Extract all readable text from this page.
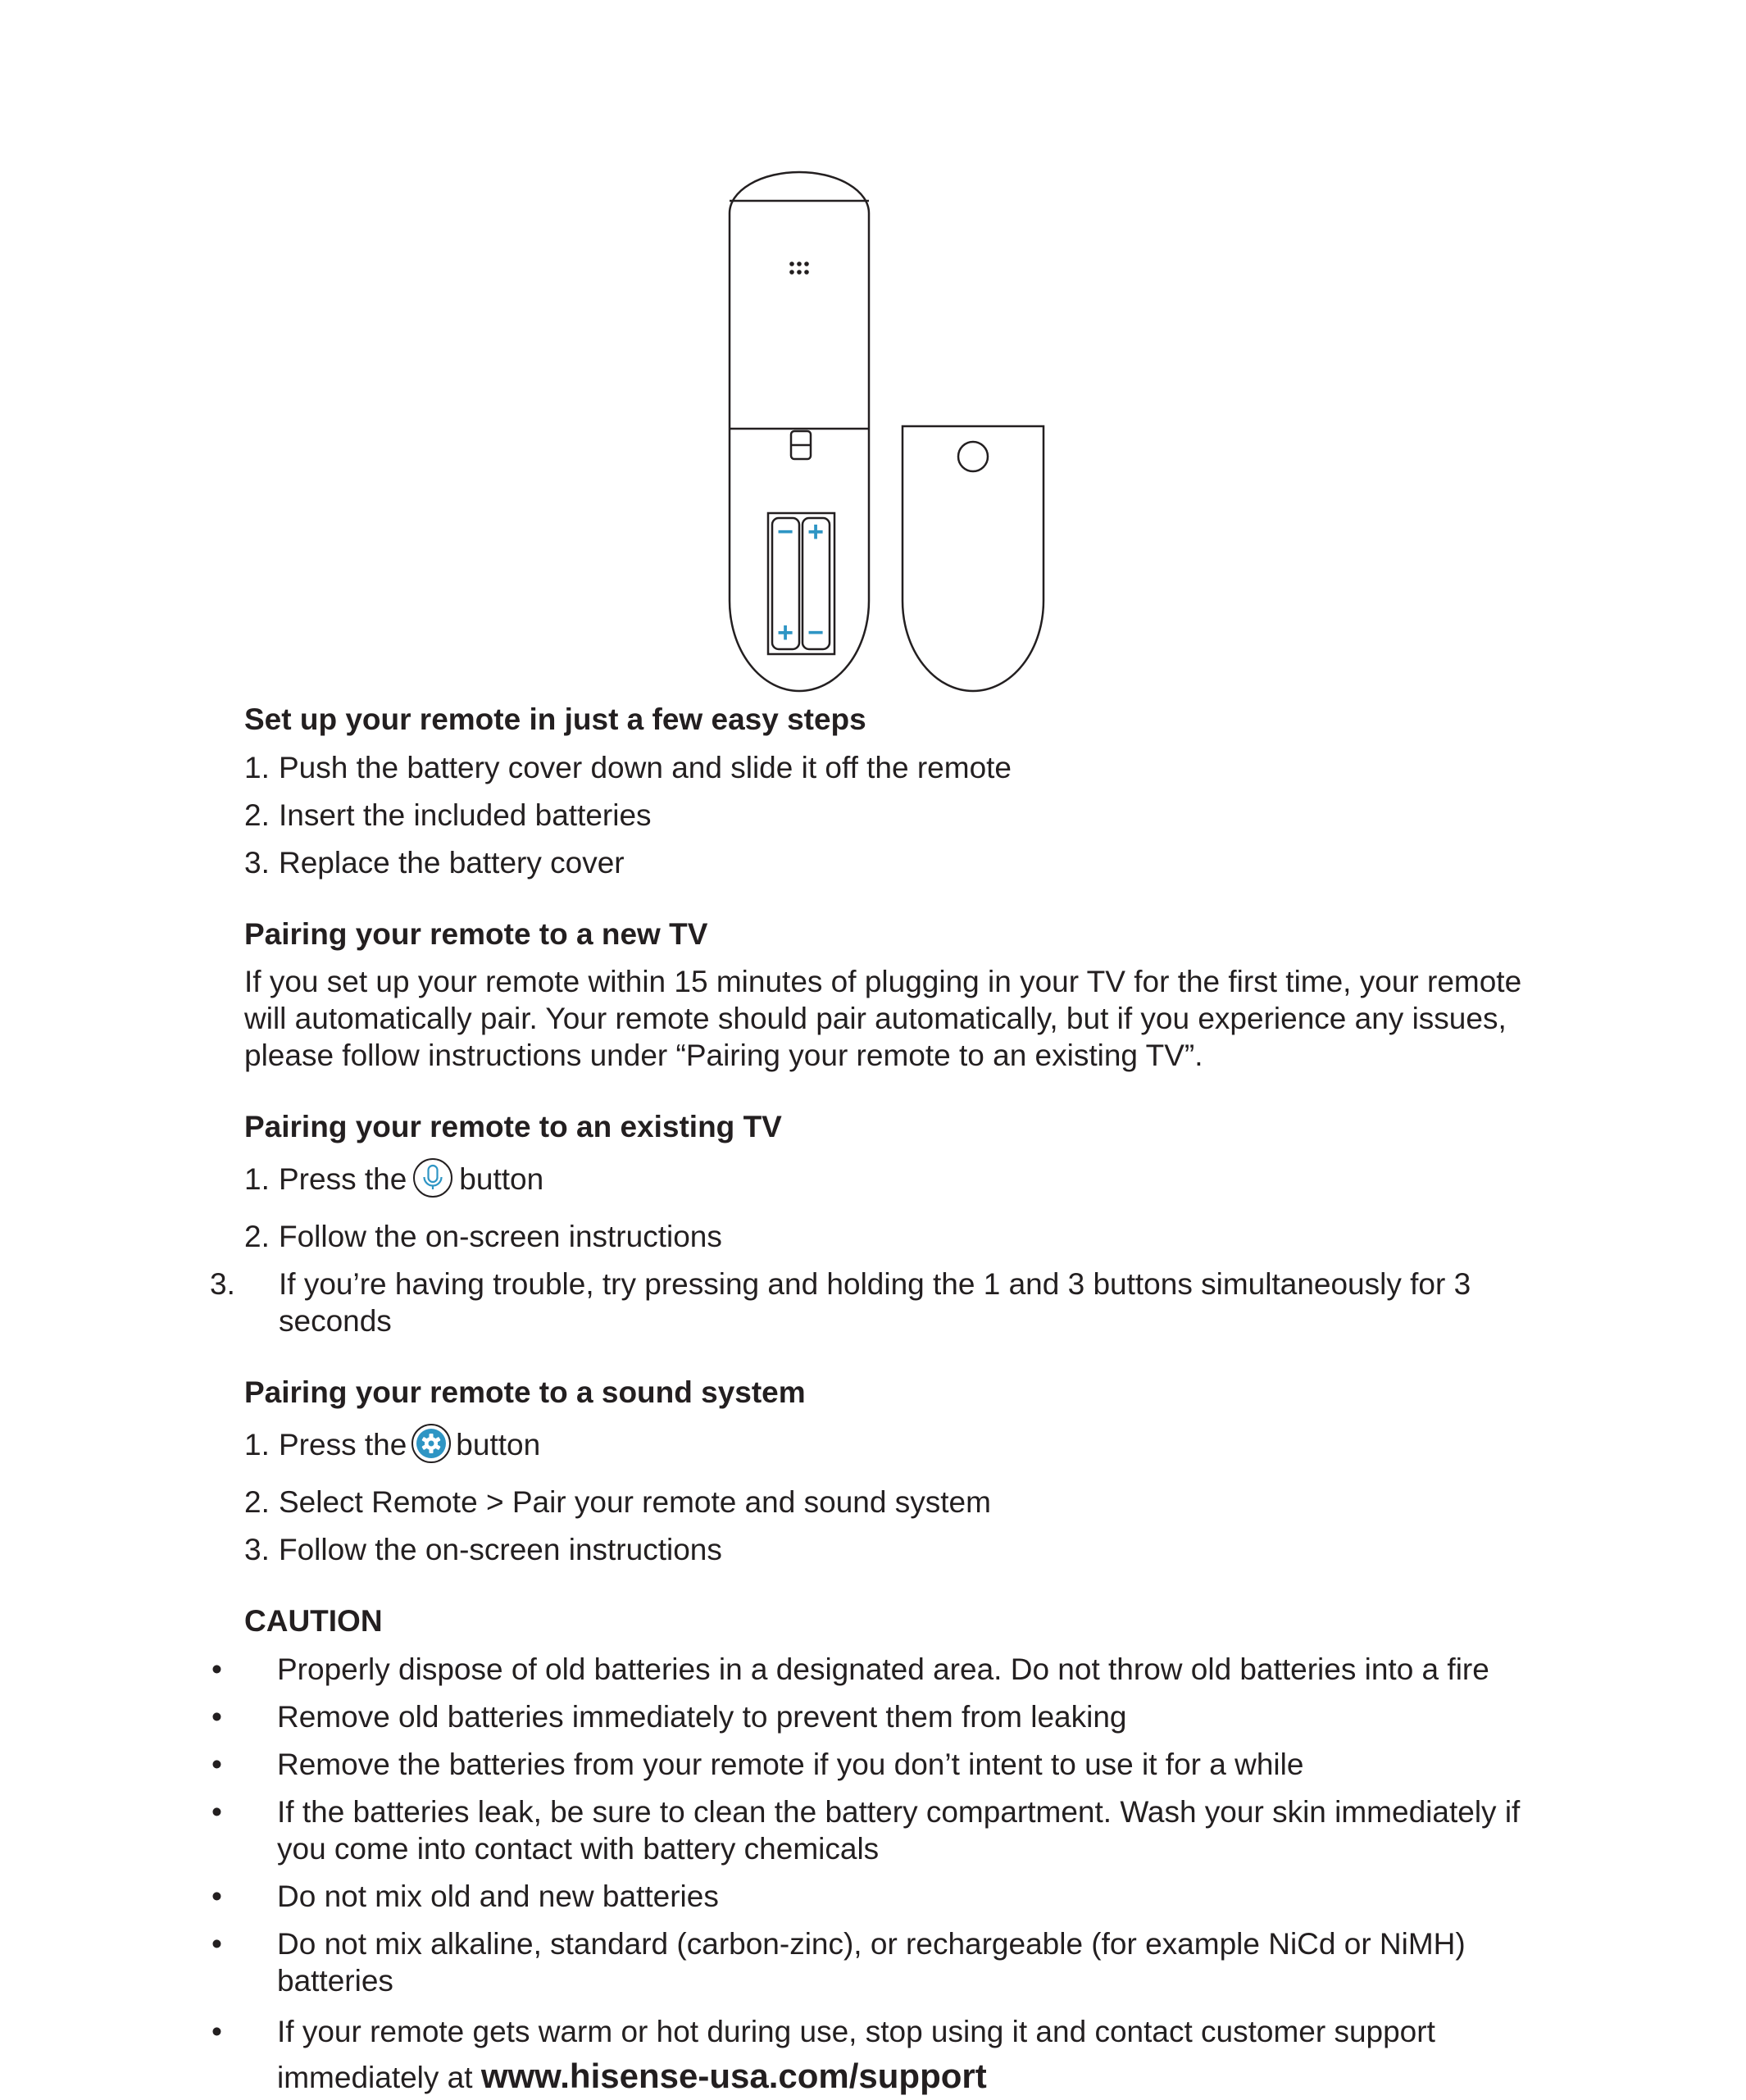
− +
+ −
Set up your remote in just a few easy steps

1. Push the battery cover down and slide it off the remote

2. Insert the included batteries

3. Replace the battery cover

Pairing your remote to a new TV

If you set up your remote within 15 minutes of plugging in your TV for the first time, your remote will automatically pair. Your remote should pair automatically, but if you experience any issues, please follow instructions under “Pairing your remote to an existing TV”.

Pairing your remote to an existing TV

1. Press the button

2. Follow the on-screen instructions

3. If you’re having trouble, try pressing and holding the 1 and 3 buttons simultaneously for 3 seconds

Pairing your remote to a sound system

1. Press the button

2. Select Remote > Pair your remote and sound system

3. Follow the on-screen instructions

CAUTION

• Properly dispose of old batteries in a designated area. Do not throw old batteries into a fire

• Remove old batteries immediately to prevent them from leaking

• Remove the batteries from your remote if you don’t intent to use it for a while

• If the batteries leak, be sure to clean the battery compartment. Wash your skin immediately if you come into contact with battery chemicals

• Do not mix old and new batteries

• Do not mix alkaline, standard (carbon-zinc), or rechargeable (for example NiCd or NiMH) batteries

• If your remote gets warm or hot during use, stop using it and contact customer support immediately at www.hisense-usa.com/support
